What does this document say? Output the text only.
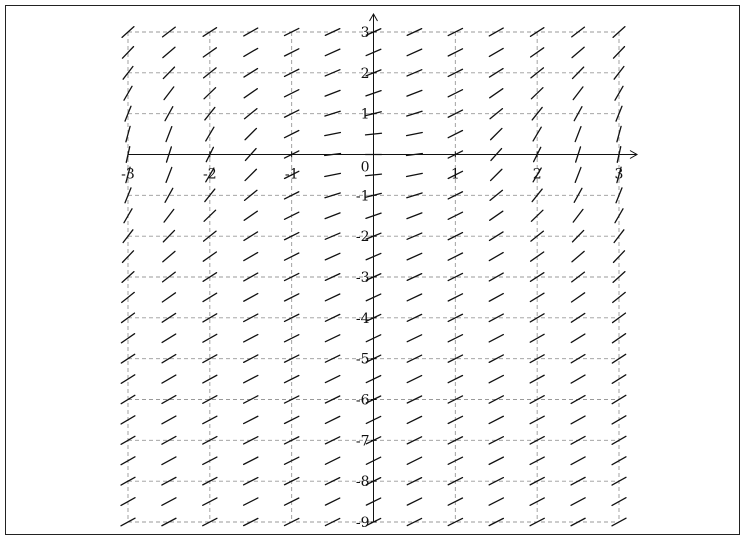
0
-3	-2	-1	1	2	3
3
2
1
-1
-2
-3
-4
-5
-6
-7
-8
-9
